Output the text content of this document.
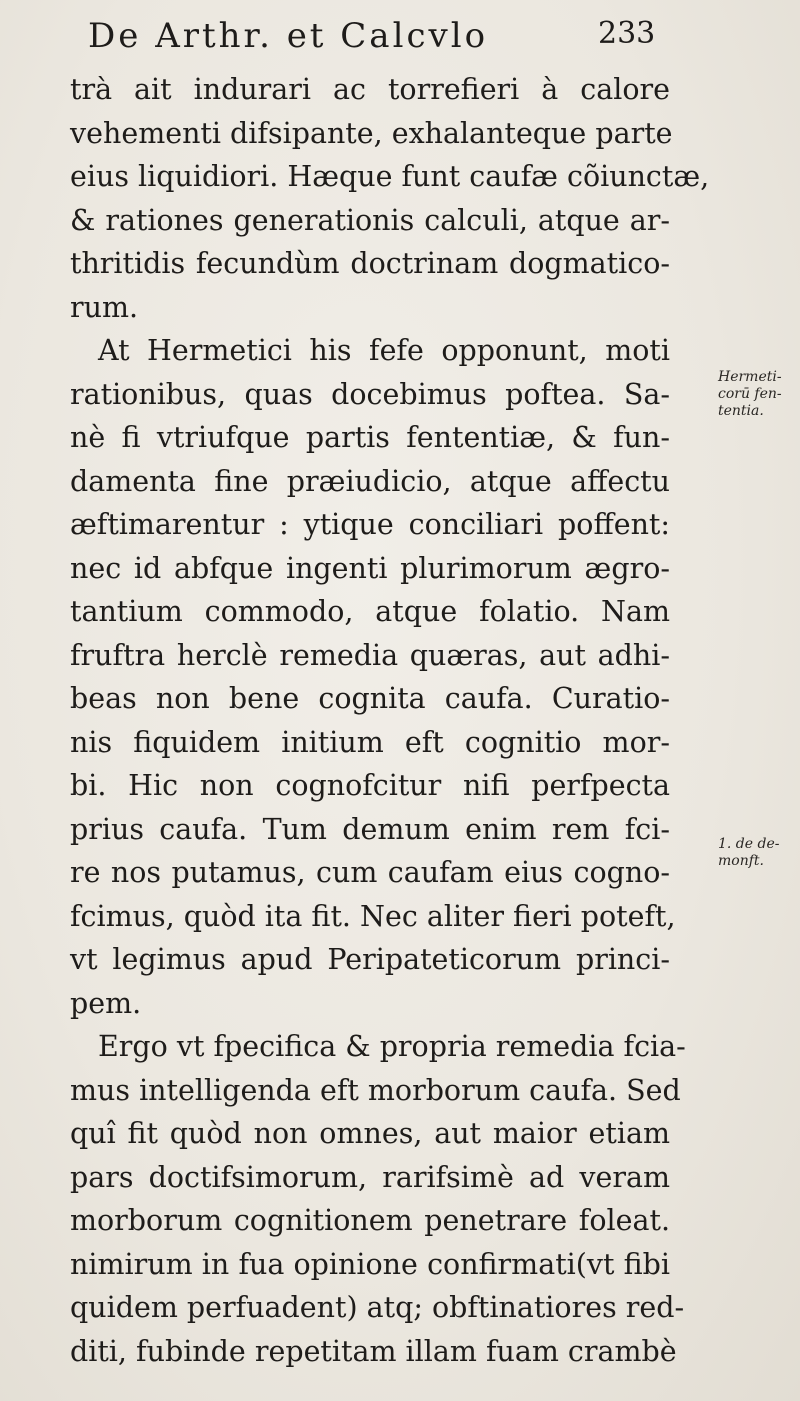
De Arthr. et Calcvlo	233
trà ait indurari ac torrefieri à calore
vehementi difsipante, exhalanteque parte
eius liquidiori. Hæque funt caufæ cõiunctæ,
& rationes generationis calculi, atque ar-
thritidis fecundùm doctrinam dogmatico-
rum.
At Hermetici his fefe opponunt, moti
rationibus, quas docebimus poftea. Sa-
nè fi vtriufque partis fententiæ, & fun-
damenta fine præiudicio, atque affectu
æftimarentur : ytique conciliari poffent:
nec id abfque ingenti plurimorum ægro-
tantium commodo, atque folatio. Nam
fruftra herclè remedia quæras, aut adhi-
beas non bene cognita caufa. Curatio-
nis fiquidem initium eft cognitio mor-
bi. Hic non cognofcitur nifi perfpecta
prius caufa. Tum demum enim rem fci-
re nos putamus, cum caufam eius cogno-
fcimus, quòd ita fit. Nec aliter fieri poteft,
vt legimus apud Peripateticorum princi-
pem.
Ergo vt fpecifica & propria remedia fcia-
mus intelligenda eft morborum caufa. Sed
quî fit quòd non omnes, aut maior etiam
pars doctifsimorum, rarifsimè ad veram
morborum cognitionem penetrare foleat.
nimirum in fua opinione confirmati(vt fibi
quidem perfuadent) atq; obftinatiores red-
diti, fubinde repetitam illam fuam crambè
Hermeti-
corū fen-
tentia.
1. de de-
monft.
